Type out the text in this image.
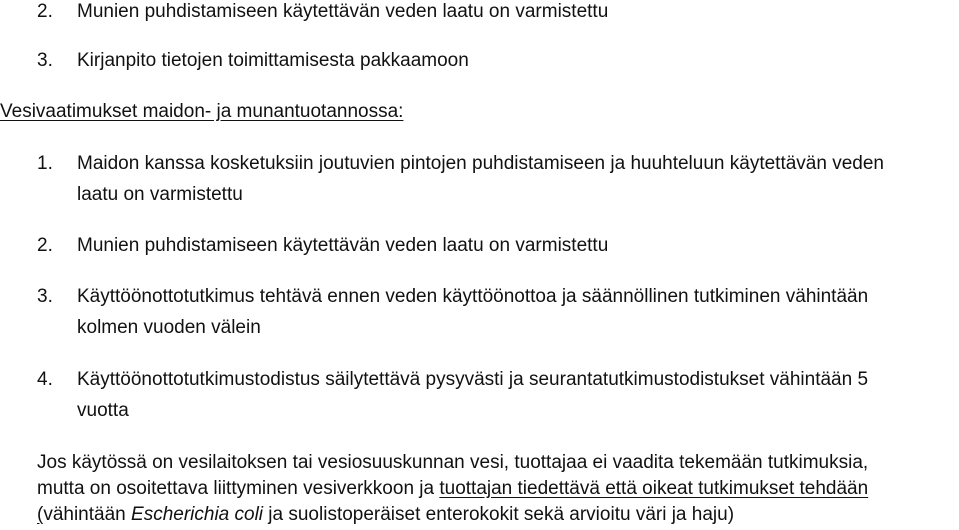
2. Munien puhdistamiseen käytettävän veden laatu on varmistettu
3. Kirjanpito tietojen toimittamisesta pakkaamoon
Vesivaatimukset maidon- ja munantuotannossa:
1. Maidon kanssa kosketuksiin joutuvien pintojen puhdistamiseen ja huuhteluun käytettävän veden
laatu on varmistettu
2. Munien puhdistamiseen käytettävän veden laatu on varmistettu
3. Käyttöönottotutkimus tehtävä ennen veden käyttöönottoa ja säännöllinen tutkiminen vähintään
kolmen vuoden välein
4. Käyttöönottotutkimustodistus säilytettävä pysyvästi ja seurantatutkimustodistukset vähintään 5
vuotta
Jos käytössä on vesilaitoksen tai vesiosuuskunnan vesi, tuottajaa ei vaadita tekemään tutkimuksia,
mutta on osoitettava liittyminen vesiverkkoon ja tuottajan tiedettävä että oikeat tutkimukset tehdään
(vähintään Escherichia coli ja suolistoperäiset enterokokit sekä arvioitu väri ja haju)
